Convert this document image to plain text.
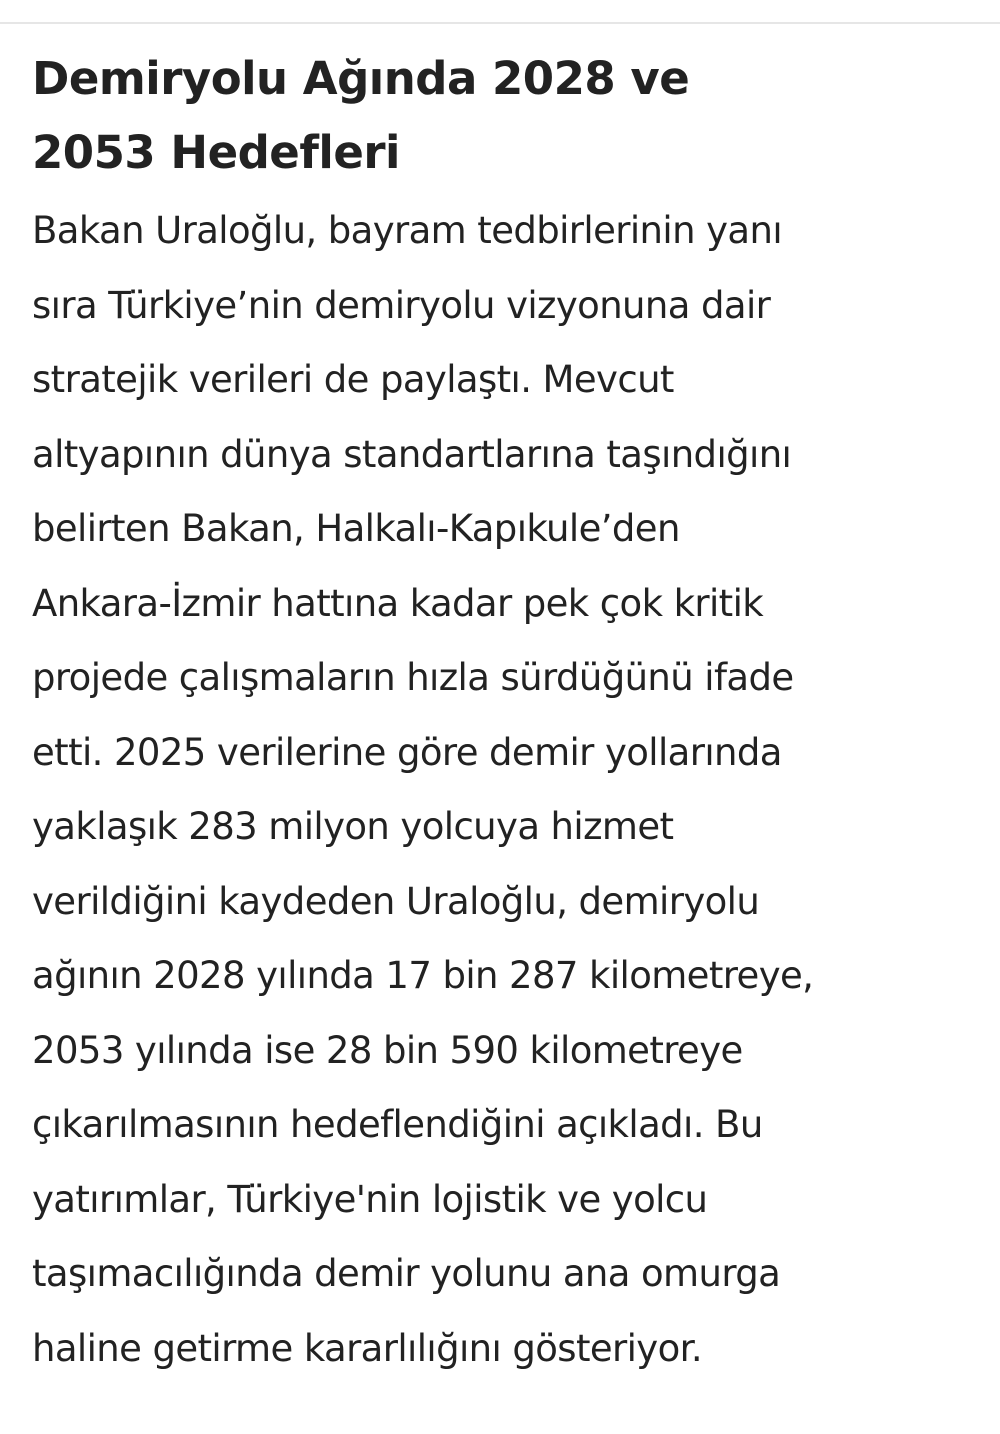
Demiryolu Ağında 2028 ve
2053 Hedefleri

Bakan Uraloğlu, bayram tedbirlerinin yanı
sıra Türkiye’nin demiryolu vizyonuna dair
stratejik verileri de paylaştı. Mevcut
altyapının dünya standartlarına taşındığını
belirten Bakan, Halkalı-Kapıkule’den
Ankara-İzmir hattına kadar pek çok kritik
projede çalışmaların hızla sürdüğünü ifade
etti. 2025 verilerine göre demir yollarında
yaklaşık 283 milyon yolcuya hizmet
verildiğini kaydeden Uraloğlu, demiryolu
ağının 2028 yılında 17 bin 287 kilometreye,
2053 yılında ise 28 bin 590 kilometreye
çıkarılmasının hedeflendiğini açıkladı. Bu
yatırımlar, Türkiye'nin lojistik ve yolcu
taşımacılığında demir yolunu ana omurga
haline getirme kararlılığını gösteriyor.
